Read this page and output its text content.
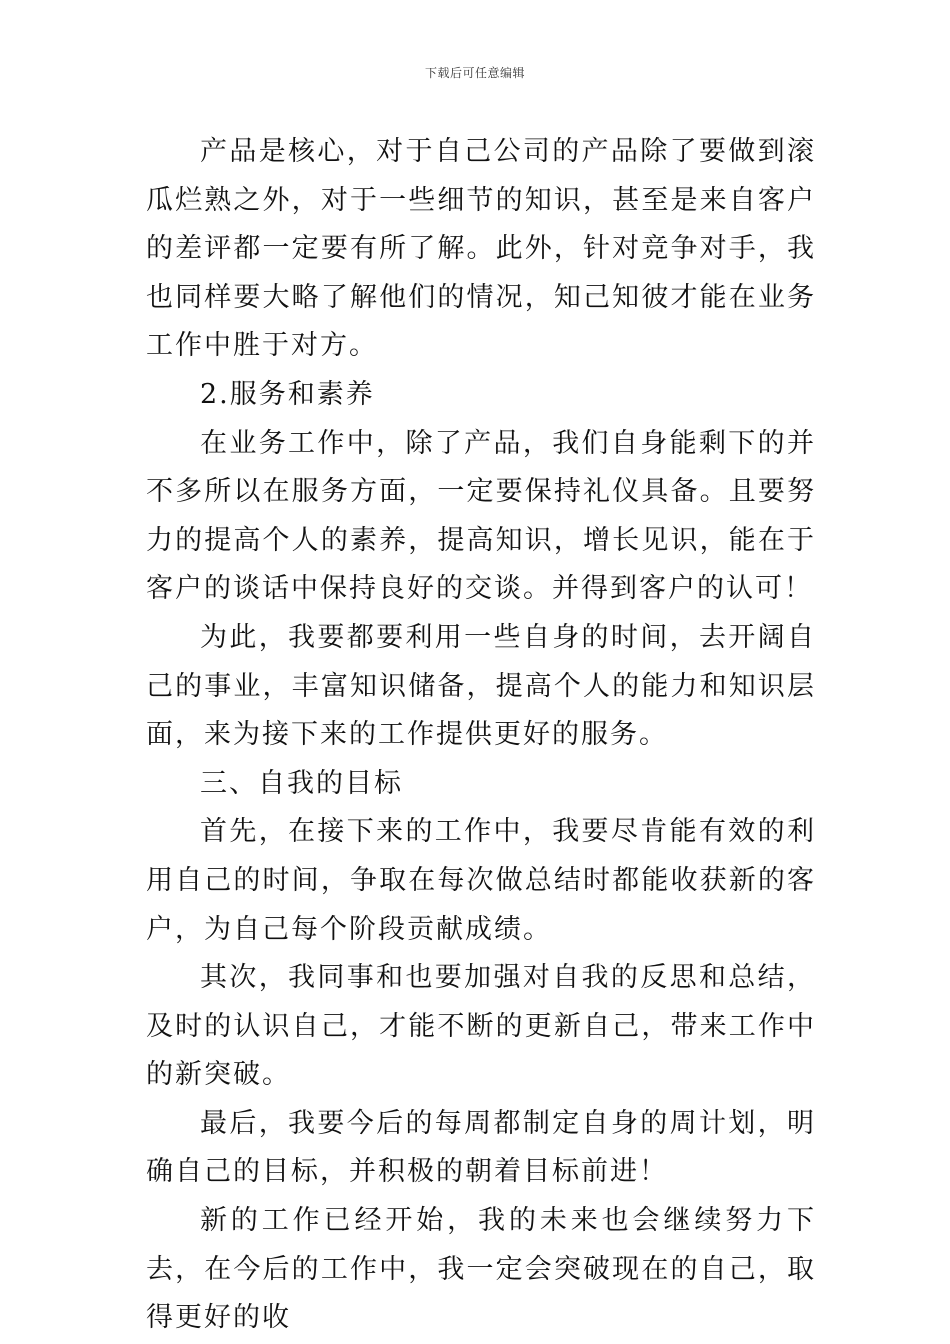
下载后可任意编辑

产品是核心，对于自己公司的产品除了要做到滚瓜烂熟之外，对于一些细节的知识，甚至是来自客户的差评都一定要有所了解。此外，针对竞争对手，我也同样要大略了解他们的情况，知己知彼才能在业务工作中胜于对方。

2.服务和素养

在业务工作中，除了产品，我们自身能剩下的并不多所以在服务方面，一定要保持礼仪具备。且要努力的提高个人的素养，提高知识，增长见识，能在于客户的谈话中保持良好的交谈。并得到客户的认可！

为此，我要都要利用一些自身的时间，去开阔自己的事业，丰富知识储备，提高个人的能力和知识层面，来为接下来的工作提供更好的服务。

三、自我的目标

首先，在接下来的工作中，我要尽肯能有效的利用自己的时间，争取在每次做总结时都能收获新的客户，为自己每个阶段贡献成绩。

其次，我同事和也要加强对自我的反思和总结，及时的认识自己，才能不断的更新自己，带来工作中的新突破。

最后，我要今后的每周都制定自身的周计划，明确自己的目标，并积极的朝着目标前进！

新的工作已经开始，我的未来也会继续努力下去，在今后的工作中，我一定会突破现在的自己，取得更好的收
